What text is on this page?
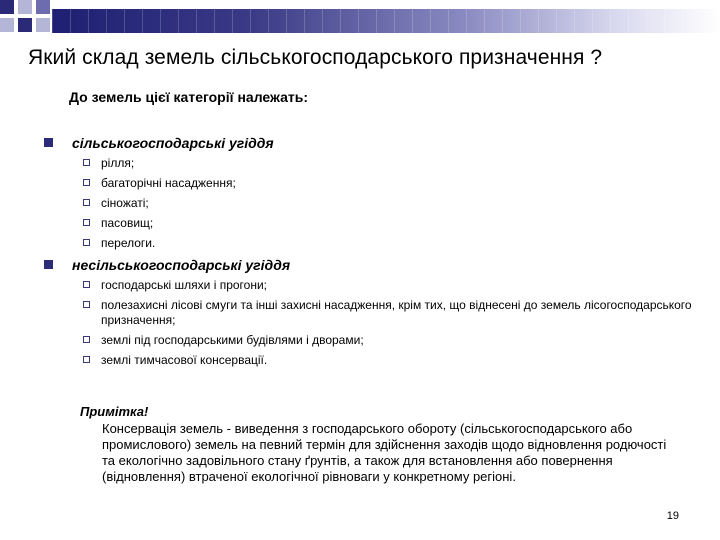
Який склад земель сільськогосподарського призначення ?
До земель цієї категорії належать:
сільськогосподарські угіддя
рілля;
багаторічні насадження;
сіножаті;
пасовищ;
перелоги.
несільськогосподарські угіддя
господарські шляхи і прогони;
полезахисні лісові смуги та інші захисні насадження, крім тих, що віднесені до земель лісогосподарського призначення;
землі під господарськими будівлями і дворами;
землі тимчасової консервації.
Примітка!
Консервація земель - виведення з господарського обороту (сільськогосподарського або промислового) земель на певний термін для здійснення заходів щодо відновлення родючості та екологічно задовільного стану ґрунтів, а також для встановлення або повернення (відновлення) втраченої екологічної рівноваги у конкретному регіоні.
19
